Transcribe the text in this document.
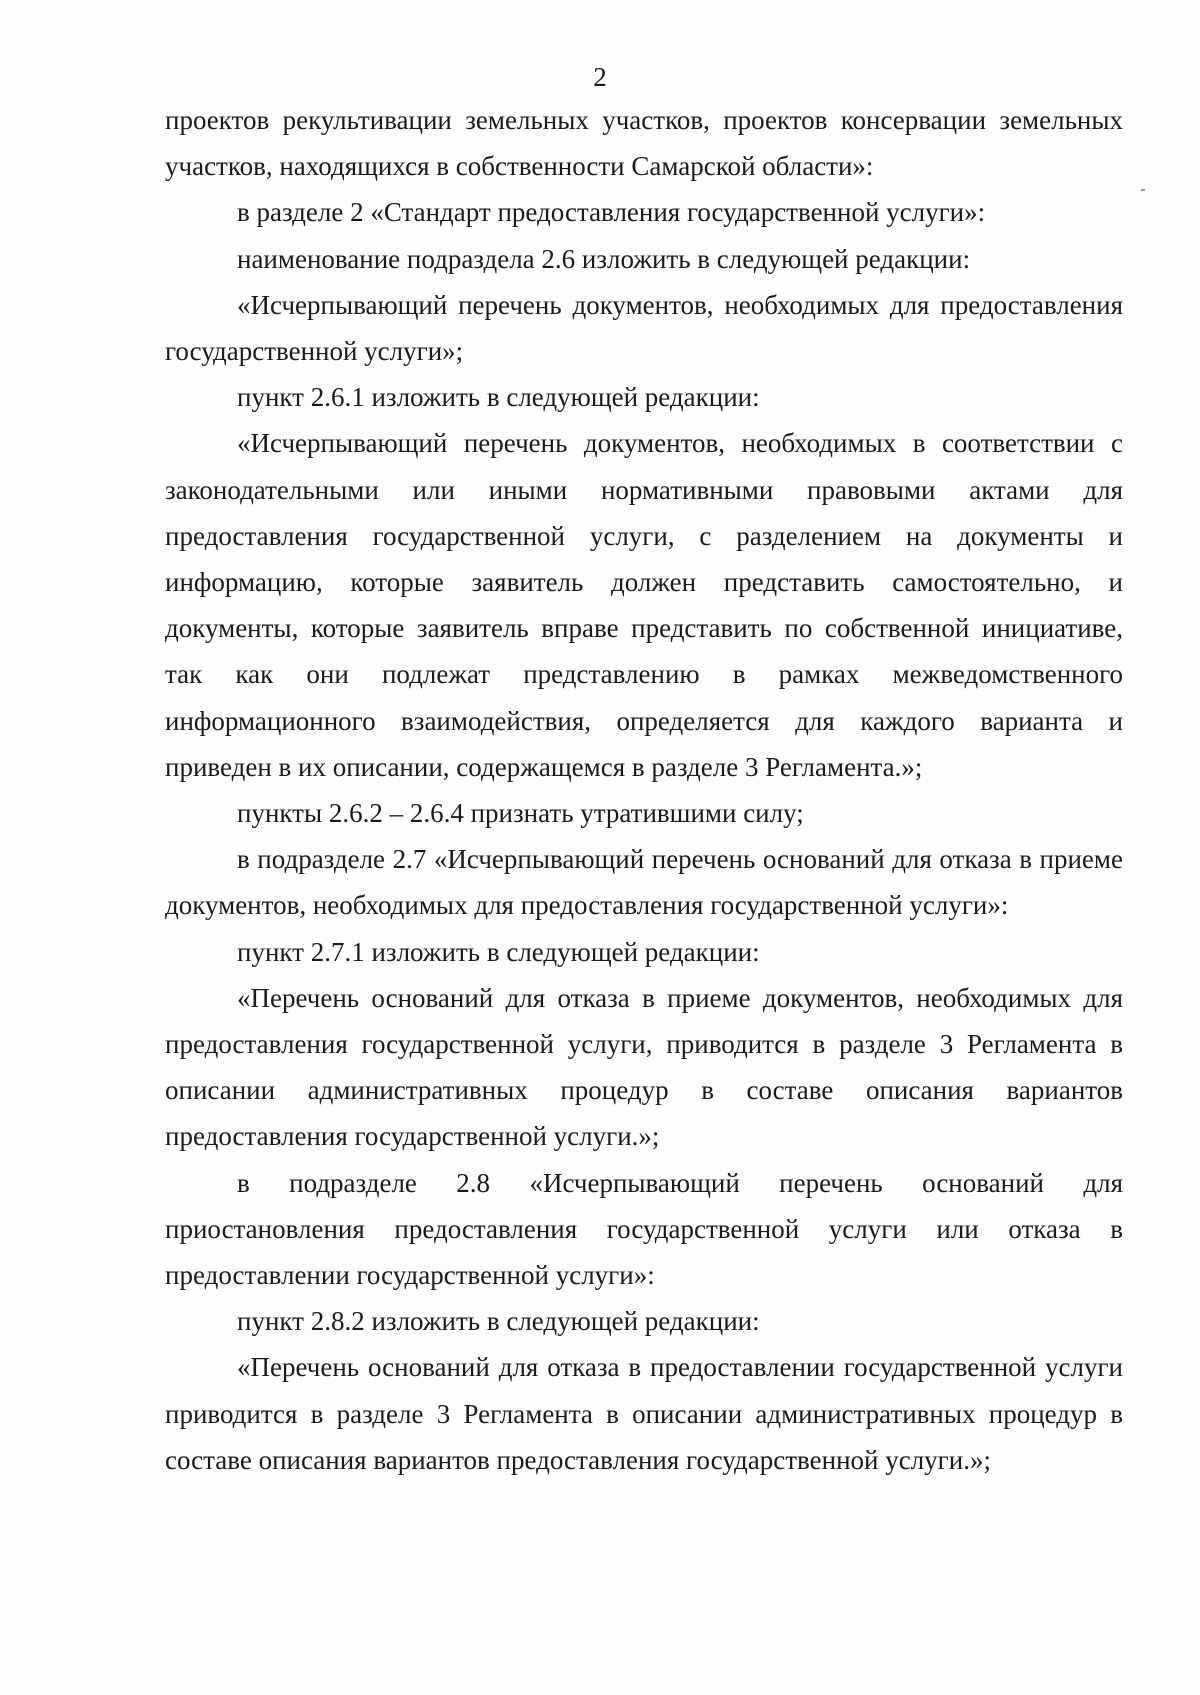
2

проектов рекультивации земельных участков, проектов консервации земельных участков, находящихся в собственности Самарской области»:

в разделе 2 «Стандарт предоставления государственной услуги»:

наименование подраздела 2.6 изложить в следующей редакции:

«Исчерпывающий перечень документов, необходимых для предоставления государственной услуги»;

пункт 2.6.1 изложить в следующей редакции:

«Исчерпывающий перечень документов, необходимых в соответствии с законодательными или иными нормативными правовыми актами для предоставления государственной услуги, с разделением на документы и информацию, которые заявитель должен представить самостоятельно, и документы, которые заявитель вправе представить по собственной инициативе, так как они подлежат представлению в рамках межведомственного информационного взаимодействия, определяется для каждого варианта и приведен в их описании, содержащемся в разделе 3 Регламента.»;

пункты 2.6.2 – 2.6.4 признать утратившими силу;

в подразделе 2.7 «Исчерпывающий перечень оснований для отказа в приеме документов, необходимых для предоставления государственной услуги»:

пункт 2.7.1 изложить в следующей редакции:

«Перечень оснований для отказа в приеме документов, необходимых для предоставления государственной услуги, приводится в разделе 3 Регламента в описании административных процедур в составе описания вариантов предоставления государственной услуги.»;

в подразделе 2.8 «Исчерпывающий перечень оснований для приостановления предоставления государственной услуги или отказа в предоставлении государственной услуги»:

пункт 2.8.2 изложить в следующей редакции:

«Перечень оснований для отказа в предоставлении государственной услуги приводится в разделе 3 Регламента в описании административных процедур в составе описания вариантов предоставления государственной услуги.»;
